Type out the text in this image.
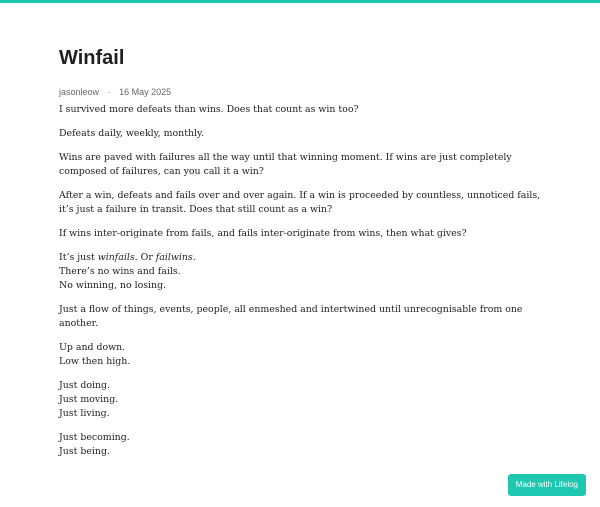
Winfail
jasonleow · 16 May 2025

I survived more defeats than wins. Does that count as win too?

Defeats daily, weekly, monthly.

Wins are paved with failures all the way until that winning moment. If wins are just completely composed of failures, can you call it a win?

After a win, defeats and fails over and over again. If a win is proceeded by countless, unnoticed fails, it’s just a failure in transit. Does that still count as a win?

If wins inter-originate from fails, and fails inter-originate from wins, then what gives?

It’s just winfails. Or failwins.
There’s no wins and fails.
No winning, no losing.

Just a flow of things, events, people, all enmeshed and intertwined until unrecognisable from one another.

Up and down.
Low then high.

Just doing.
Just moving.
Just living.

Just becoming.
Just being.

Made with Lifelog
